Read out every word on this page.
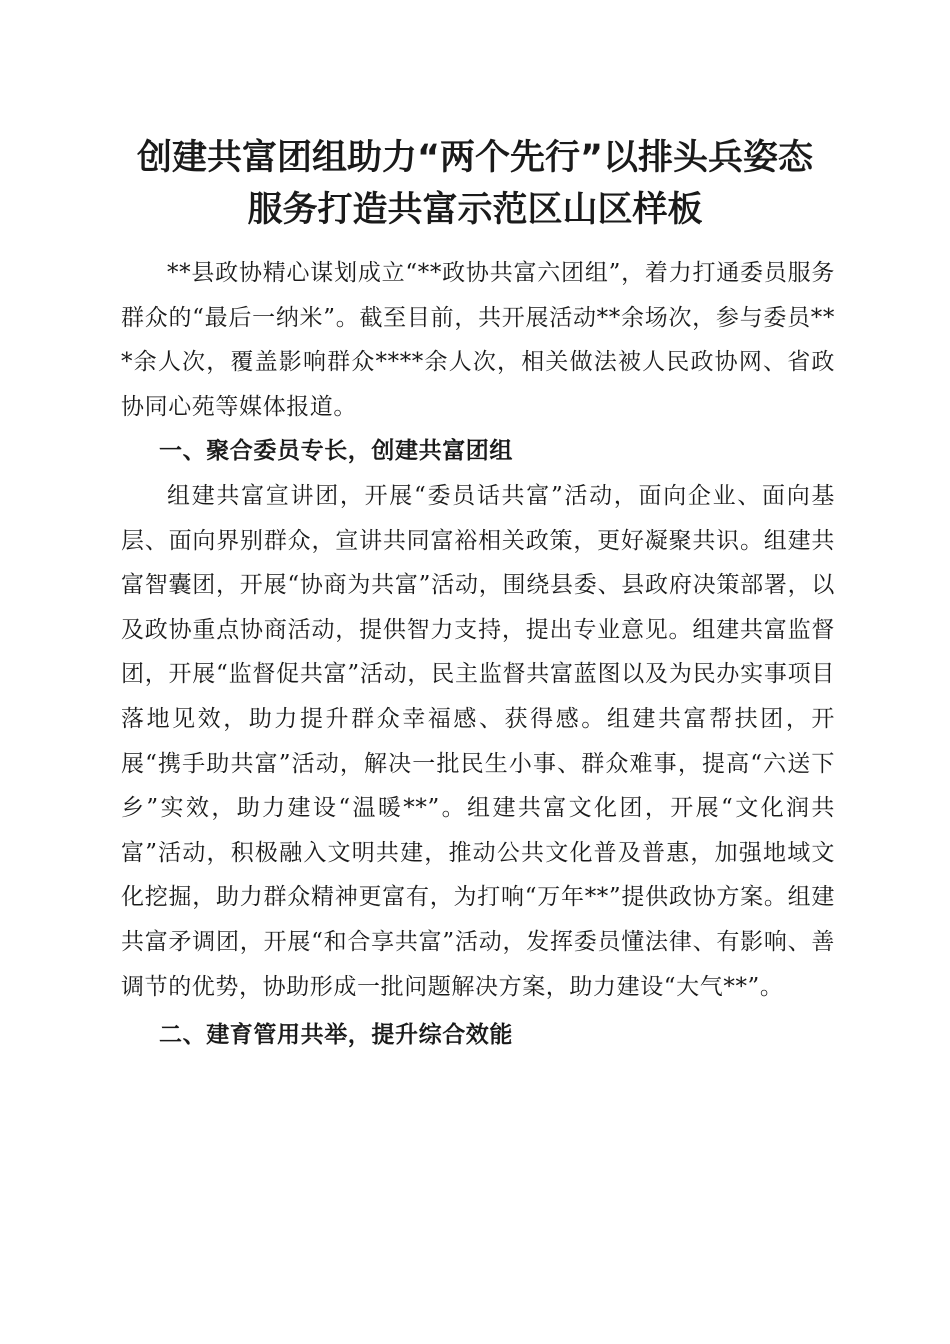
创建共富团组助力“两个先行”以排头兵姿态
服务打造共富示范区山区样板

**县政协精心谋划成立“**政协共富六团组”，着力打通委员服务群众的“最后一纳米”。截至目前，共开展活动**余场次，参与委员***余人次，覆盖影响群众****余人次，相关做法被人民政协网、省政协同心苑等媒体报道。

一、聚合委员专长，创建共富团组

组建共富宣讲团，开展“委员话共富”活动，面向企业、面向基层、面向界别群众，宣讲共同富裕相关政策，更好凝聚共识。组建共富智囊团，开展“协商为共富”活动，围绕县委、县政府决策部署，以及政协重点协商活动，提供智力支持，提出专业意见。组建共富监督团，开展“监督促共富”活动，民主监督共富蓝图以及为民办实事项目落地见效，助力提升群众幸福感、获得感。组建共富帮扶团，开展“携手助共富”活动，解决一批民生小事、群众难事，提高“六送下乡”实效，助力建设“温暖**”。组建共富文化团，开展“文化润共富”活动，积极融入文明共建，推动公共文化普及普惠，加强地域文化挖掘，助力群众精神更富有，为打响“万年**”提供政协方案。组建共富矛调团，开展“和合享共富”活动，发挥委员懂法律、有影响、善调节的优势，协助形成一批问题解决方案，助力建设“大气**”。

二、建育管用共举，提升综合效能
